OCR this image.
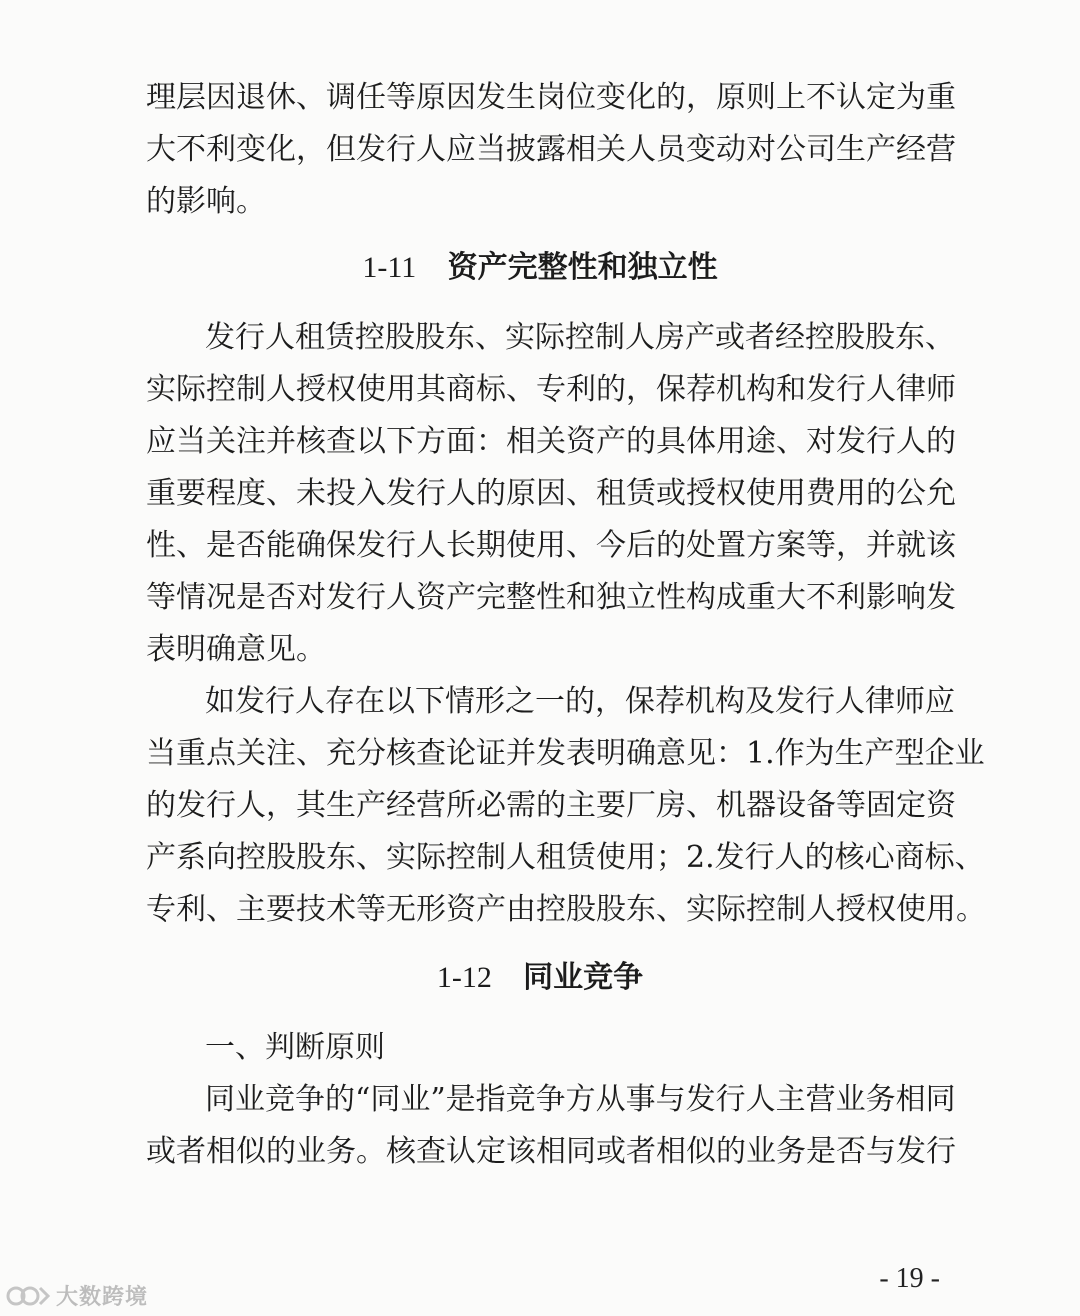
理层因退休、调任等原因发生岗位变化的，原则上不认定为重
大不利变化，但发行人应当披露相关人员变动对公司生产经营
的影响。
1-11 资产完整性和独立性
发行人租赁控股股东、实际控制人房产或者经控股股东、
实际控制人授权使用其商标、专利的，保荐机构和发行人律师
应当关注并核查以下方面：相关资产的具体用途、对发行人的
重要程度、未投入发行人的原因、租赁或授权使用费用的公允
性、是否能确保发行人长期使用、今后的处置方案等，并就该
等情况是否对发行人资产完整性和独立性构成重大不利影响发
表明确意见。
如发行人存在以下情形之一的，保荐机构及发行人律师应
当重点关注、充分核查论证并发表明确意见：1.作为生产型企业
的发行人，其生产经营所必需的主要厂房、机器设备等固定资
产系向控股股东、实际控制人租赁使用；2.发行人的核心商标、
专利、主要技术等无形资产由控股股东、实际控制人授权使用。
1-12 同业竞争
一、判断原则
同业竞争的“同业”是指竞争方从事与发行人主营业务相同
或者相似的业务。核查认定该相同或者相似的业务是否与发行
- 19 -
大数跨境
